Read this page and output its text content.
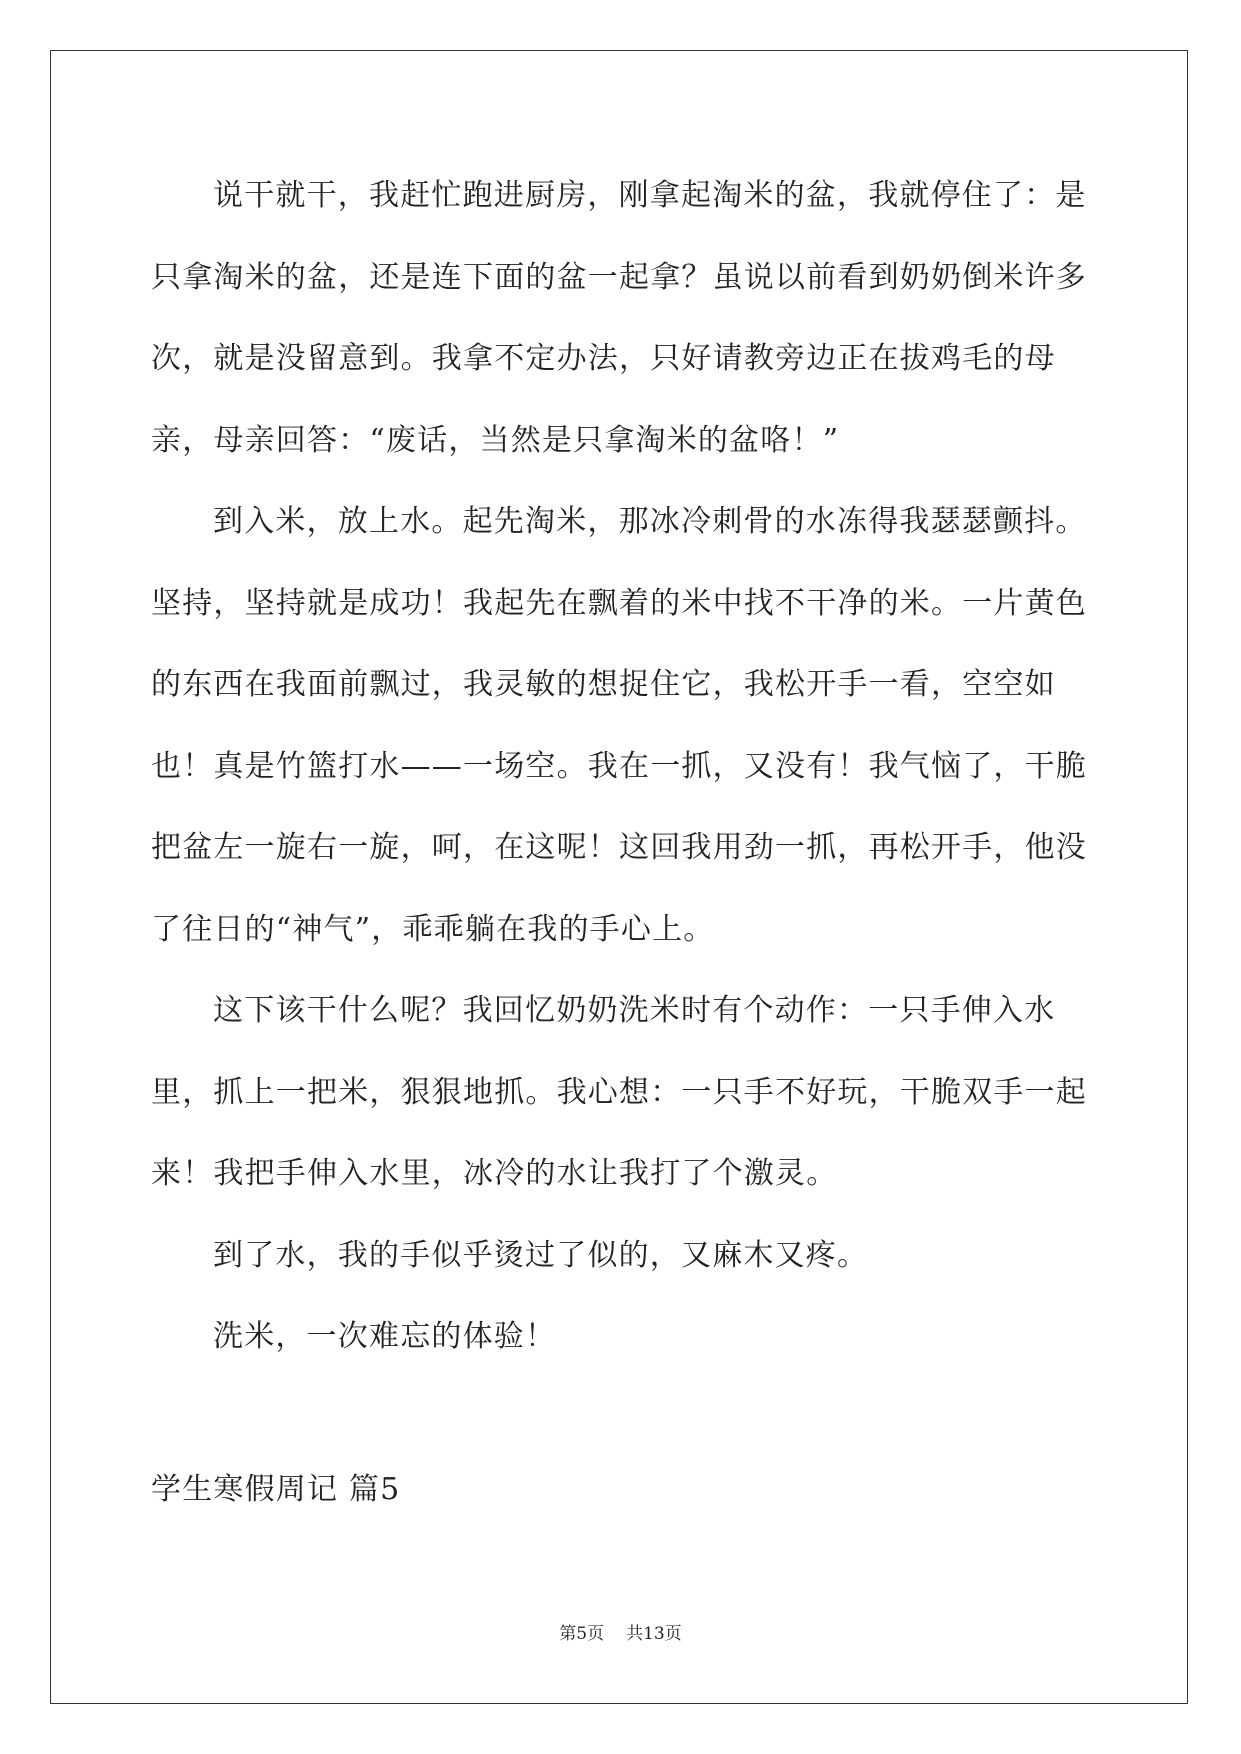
说干就干，我赶忙跑进厨房，刚拿起淘米的盆，我就停住了：是只拿淘米的盆，还是连下面的盆一起拿？虽说以前看到奶奶倒米许多次，就是没留意到。我拿不定办法，只好请教旁边正在拔鸡毛的母亲，母亲回答：“废话，当然是只拿淘米的盆咯！”

到入米，放上水。起先淘米，那冰冷刺骨的水冻得我瑟瑟颤抖。坚持，坚持就是成功！我起先在飘着的米中找不干净的米。一片黄色的东西在我面前飘过，我灵敏的想捉住它，我松开手一看，空空如也！真是竹篮打水——一场空。我在一抓，又没有！我气恼了，干脆把盆左一旋右一旋，呵，在这呢！这回我用劲一抓，再松开手，他没了往日的“神气”，乖乖躺在我的手心上。

这下该干什么呢？我回忆奶奶洗米时有个动作：一只手伸入水里，抓上一把米，狠狠地抓。我心想：一只手不好玩，干脆双手一起来！我把手伸入水里，冰冷的水让我打了个激灵。

到了水，我的手似乎烫过了似的，又麻木又疼。

洗米，一次难忘的体验！

学生寒假周记 篇5
第5页 共13页
